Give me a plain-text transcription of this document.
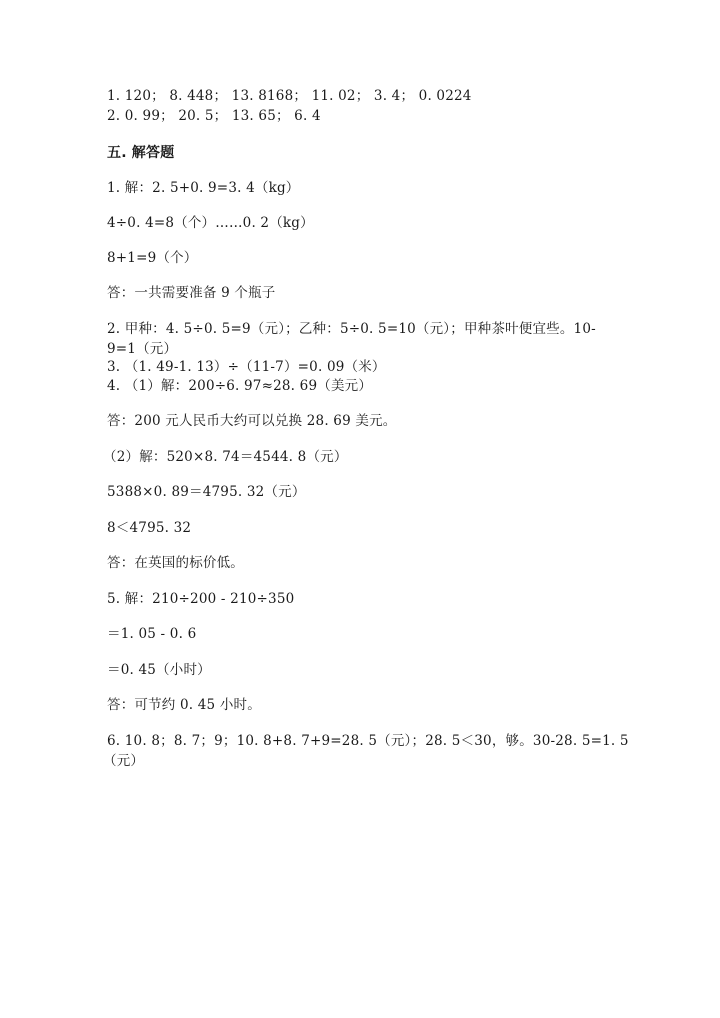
1. 120； 8. 448； 13. 8168； 11. 02； 3. 4； 0. 0224
2. 0. 99； 20. 5； 13. 65； 6. 4
五. 解答题
1. 解：2. 5+0. 9=3. 4（kg）
4÷0. 4=8（个）……0. 2（kg）
8+1=9（个）
答：一共需要准备 9 个瓶子
2. 甲种：4. 5÷0. 5=9（元）；乙种：5÷0. 5=10（元）；甲种茶叶便宜些。10-
9=1（元）
3. （1. 49-1. 13）÷（11-7）=0. 09（米）
4. （1）解：200÷6. 97≈28. 69（美元）
答：200 元人民币大约可以兑换 28. 69 美元。
（2）解：520×8. 74＝4544. 8（元）
5388×0. 89＝4795. 32（元）
8＜4795. 32
答：在英国的标价低。
5. 解：210÷200 - 210÷350
＝1. 05 - 0. 6
＝0. 45（小时）
答：可节约 0. 45 小时。
6. 10. 8；8. 7；9；10. 8+8. 7+9=28. 5（元）；28. 5＜30，够。30-28. 5=1. 5
（元）
